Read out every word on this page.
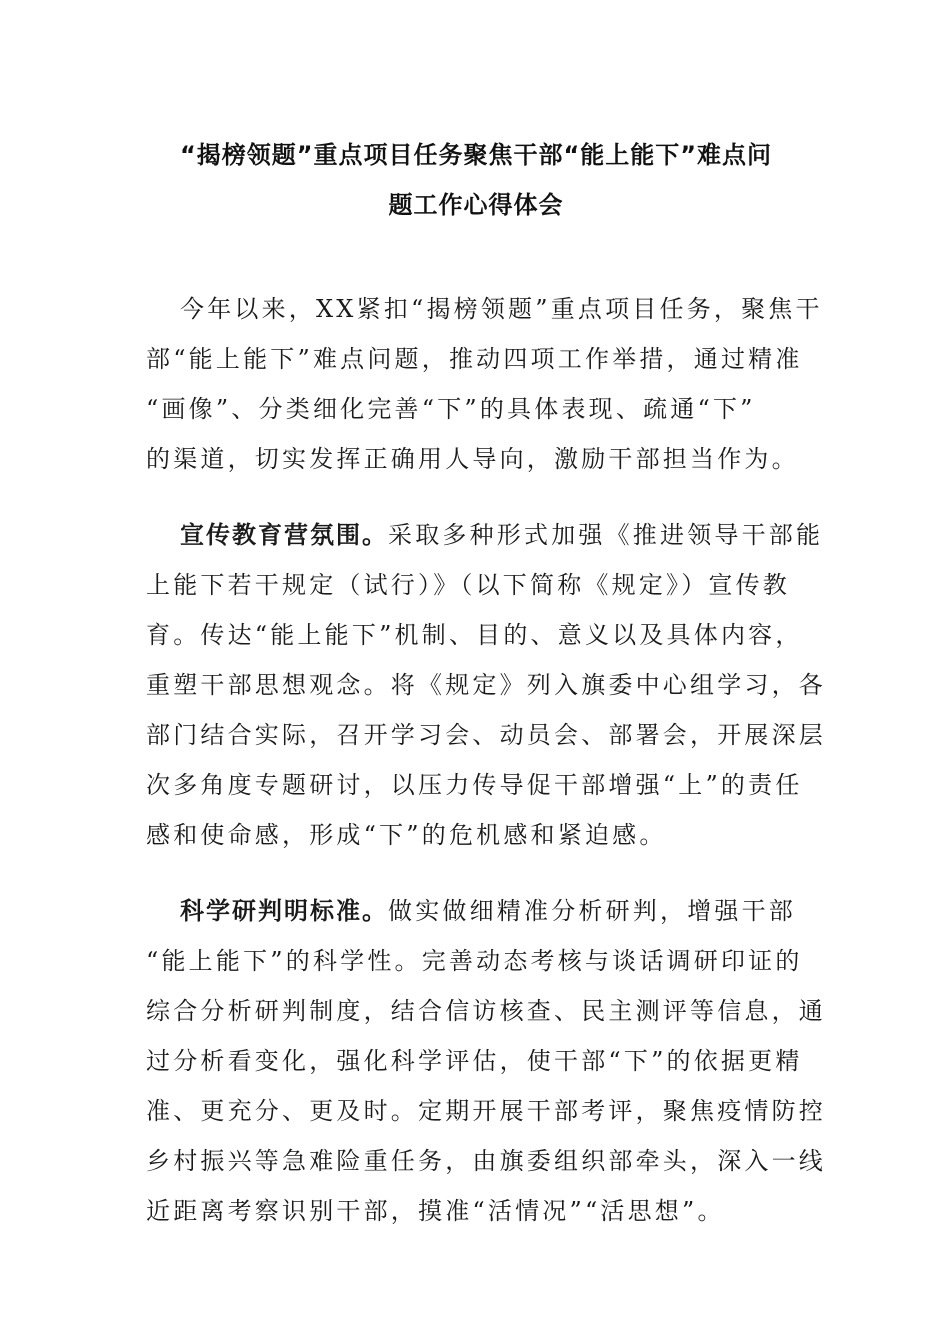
“揭榜领题”重点项目任务聚焦干部“能上能下”难点问
题工作心得体会

今年以来，XX紧扣“揭榜领题”重点项目任务，聚焦干
部“能上能下”难点问题，推动四项工作举措，通过精准
“画像”、分类细化完善“下”的具体表现、疏通“下”
的渠道，切实发挥正确用人导向，激励干部担当作为。

宣传教育营氛围。采取多种形式加强《推进领导干部能
上能下若干规定（试行）》（以下简称《规定》）宣传教
育。传达“能上能下”机制、目的、意义以及具体内容，
重塑干部思想观念。将《规定》列入旗委中心组学习，各
部门结合实际，召开学习会、动员会、部署会，开展深层
次多角度专题研讨，以压力传导促干部增强“上”的责任
感和使命感，形成“下”的危机感和紧迫感。

科学研判明标准。做实做细精准分析研判，增强干部
“能上能下”的科学性。完善动态考核与谈话调研印证的
综合分析研判制度，结合信访核查、民主测评等信息，通
过分析看变化，强化科学评估，使干部“下”的依据更精
准、更充分、更及时。定期开展干部考评，聚焦疫情防控
乡村振兴等急难险重任务，由旗委组织部牵头，深入一线
近距离考察识别干部，摸准“活情况”“活思想”。
